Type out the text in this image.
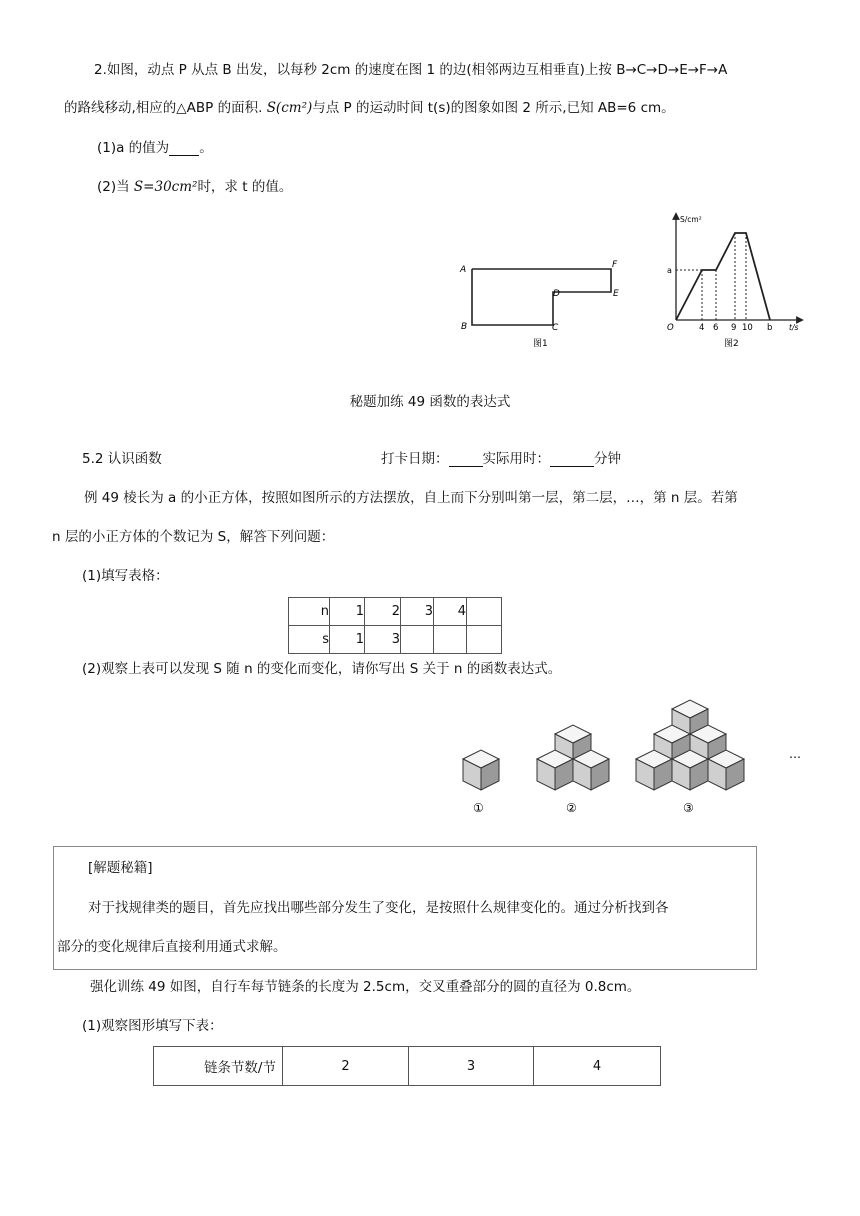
2.如图，动点 P 从点 B 出发，以每秒 2cm 的速度在图 1 的边(相邻两边互相垂直)上按 B→C→D→E→F→A
的路线移动,相应的△ABP 的面积. S(cm²)与点 P 的运动时间 t(s)的图象如图 2 所示,已知 AB=6 cm。
(1)a 的值为 。
(2)当 S=30cm²时，求 t 的值。
A
B	C
D	E
F
图1
S/cm²
a
O	4 6 9 10 b t/s
图2
秘题加练 49 函数的表达式
5.2 认识函数	打卡日期：	实际用时：	分钟
例 49 棱长为 a 的小正方体，按照如图所示的方法摆放，自上而下分别叫第一层，第二层，…，第 n 层。若第
n 层的小正方体的个数记为 S，解答下列问题：
(1)填写表格：
n	1	2	3	4	
s	1	3			
(2)观察上表可以发现 S 随 n 的变化而变化，请你写出 S 关于 n 的函数表达式。
①	②	③
…
[解题秘籍]
对于找规律类的题目，首先应找出哪些部分发生了变化，是按照什么规律变化的。通过分析找到各
部分的变化规律后直接利用通式求解。
强化训练 49 如图，自行车每节链条的长度为 2.5cm，交叉重叠部分的圆的直径为 0.8cm。
(1)观察图形填写下表：
链条节数/节	2	3	4
